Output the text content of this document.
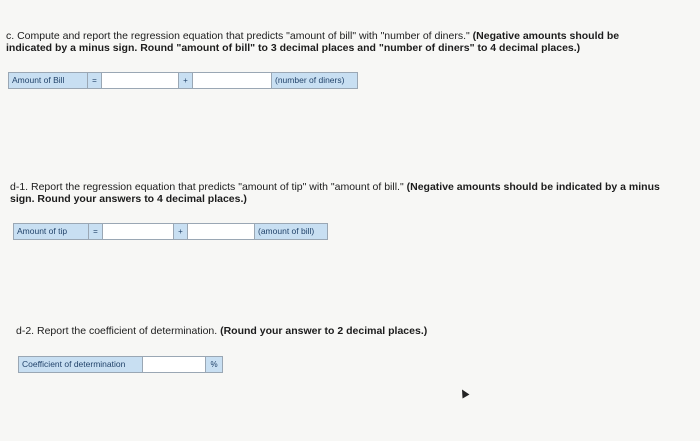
c. Compute and report the regression equation that predicts "amount of bill" with "number of diners." (Negative amounts should be indicated by a minus sign. Round "amount of bill" to 3 decimal places and "number of diners" to 4 decimal places.)
Amount of Bill	=	+	(number of diners)
d-1. Report the regression equation that predicts "amount of tip" with "amount of bill." (Negative amounts should be indicated by a minus sign. Round your answers to 4 decimal places.)
Amount of tip	=	+	(amount of bill)
d-2. Report the coefficient of determination. (Round your answer to 2 decimal places.)
Coefficient of determination	%
